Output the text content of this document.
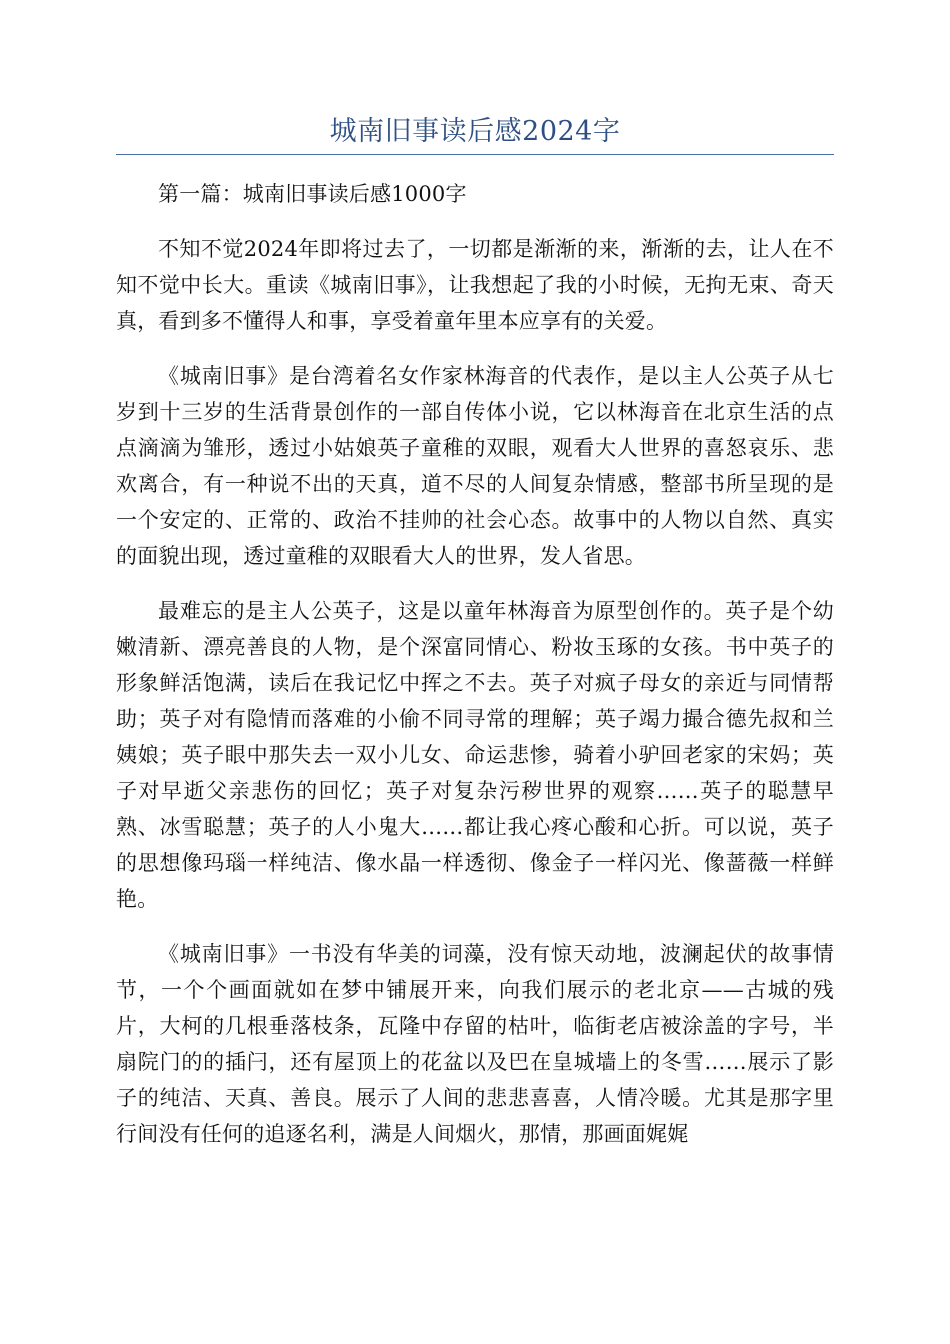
城南旧事读后感2024字

第一篇：城南旧事读后感1000字

不知不觉2024年即将过去了，一切都是渐渐的来，渐渐的去，让人在不知不觉中长大。重读《城南旧事》，让我想起了我的小时候，无拘无束、奇天真，看到多不懂得人和事，享受着童年里本应享有的关爱。

《城南旧事》是台湾着名女作家林海音的代表作，是以主人公英子从七岁到十三岁的生活背景创作的一部自传体小说，它以林海音在北京生活的点点滴滴为雏形，透过小姑娘英子童稚的双眼，观看大人世界的喜怒哀乐、悲欢离合，有一种说不出的天真，道不尽的人间复杂情感，整部书所呈现的是一个安定的、正常的、政治不挂帅的社会心态。故事中的人物以自然、真实的面貌出现，透过童稚的双眼看大人的世界，发人省思。

最难忘的是主人公英子，这是以童年林海音为原型创作的。英子是个幼嫩清新、漂亮善良的人物，是个深富同情心、粉妆玉琢的女孩。书中英子的形象鲜活饱满，读后在我记忆中挥之不去。英子对疯子母女的亲近与同情帮助；英子对有隐情而落难的小偷不同寻常的理解；英子竭力撮合德先叔和兰姨娘；英子眼中那失去一双小儿女、命运悲惨，骑着小驴回老家的宋妈；英子对早逝父亲悲伤的回忆；英子对复杂污秽世界的观察……英子的聪慧早熟、冰雪聪慧；英子的人小鬼大……都让我心疼心酸和心折。可以说，英子的思想像玛瑙一样纯洁、像水晶一样透彻、像金子一样闪光、像蔷薇一样鲜艳。

《城南旧事》一书没有华美的词藻，没有惊天动地，波澜起伏的故事情节，一个个画面就如在梦中铺展开来，向我们展示的老北京——古城的残片，大柯的几根垂落枝条，瓦隆中存留的枯叶，临街老店被涂盖的字号，半扇院门的的插闩，还有屋顶上的花盆以及巴在皇城墙上的冬雪……展示了影子的纯洁、天真、善良。展示了人间的悲悲喜喜，人情冷暖。尤其是那字里行间没有任何的追逐名利，满是人间烟火，那情，那画面娓娓
